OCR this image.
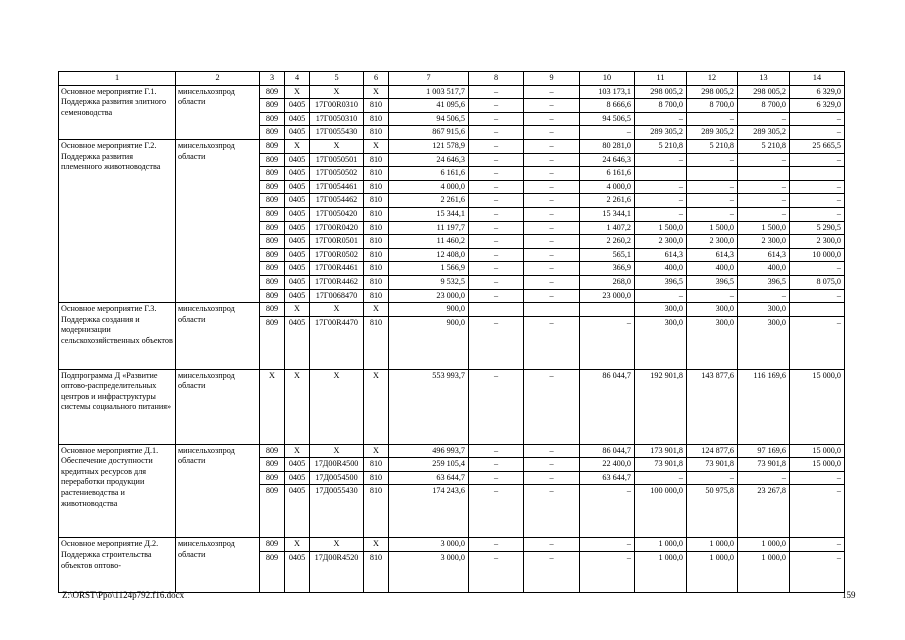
1	2	3	4	5	6	7	8	9	10	11	12	13	14
Основное мероприятие Г.1. Поддержка развития элитного семеноводства	минсельхозпрод области	809	Х	Х	Х	1 003 517,7	–	–	103 173,1	298 005,2	298 005,2	298 005,2	6 329,0
		809	0405	17Г00R0310	810	41 095,6	–	–	8 666,6	8 700,0	8 700,0	8 700,0	6 329,0
		809	0405	17Г0050310	810	94 506,5	–	–	94 506,5	–	–	–	–
		809	0405	17Г0055430	810	867 915,6	–	–	–	289 305,2	289 305,2	289 305,2	–
Основное мероприятие Г.2. Поддержка развития племенного животноводства	минсельхозпрод области	809	Х	Х	Х	121 578,9	–	–	80 281,0	5 210,8	5 210,8	5 210,8	25 665,5
		809	0405	17Г0050501	810	24 646,3	–	–	24 646,3	–	–	–	–
		809	0405	17Г0050502	810	6 161,6	–	–	6 161,6				
		809	0405	17Г0054461	810	4 000,0	–	–	4 000,0	–	–	–	–
		809	0405	17Г0054462	810	2 261,6	–	–	2 261,6	–	–	–	–
		809	0405	17Г0050420	810	15 344,1	–	–	15 344,1	–	–	–	–
		809	0405	17Г00R0420	810	11 197,7	–	–	1 407,2	1 500,0	1 500,0	1 500,0	5 290,5
		809	0405	17Г00R0501	810	11 460,2	–	–	2 260,2	2 300,0	2 300,0	2 300,0	2 300,0
		809	0405	17Г00R0502	810	12 408,0	–	–	565,1	614,3	614,3	614,3	10 000,0
		809	0405	17Г00R4461	810	1 566,9	–	–	366,9	400,0	400,0	400,0	–
		809	0405	17Г00R4462	810	9 532,5	–	–	268,0	396,5	396,5	396,5	8 075,0
		809	0405	17Г0068470	810	23 000,0	–	–	23 000,0	–	–	–	–
Основное мероприятие Г.3. Поддержка создания и модернизации сельскохозяйственных объектов	минсельхозпрод области	809	Х	Х	Х	900,0				300,0	300,0	300,0	
		809	0405	17Г00R4470	810	900,0	–	–	–	300,0	300,0	300,0	–
Подпрограмма Д «Развитие оптово-распределительных центров и инфраструктуры системы социального питания»	минсельхозпрод области	Х	Х	Х	Х	553 993,7	–	–	86 044,7	192 901,8	143 877,6	116 169,6	15 000,0
Основное мероприятие Д.1. Обеспечение доступности кредитных ресурсов для переработки продукции растениеводства и животноводства	минсельхозпрод области	809	Х	Х	Х	496 993,7	–	–	86 044,7	173 901,8	124 877,6	97 169,6	15 000,0
		809	0405	17Д00R4500	810	259 105,4	–	–	22 400,0	73 901,8	73 901,8	73 901,8	15 000,0
		809	0405	17Д0054500	810	63 644,7	–	–	63 644,7	–	–	–	–
		809	0405	17Д0055430	810	174 243,6	–	–	–	100 000,0	50 975,8	23 267,8	–
Основное мероприятие Д.2. Поддержка строительства объектов оптово-	минсельхозпрод области	809	Х	Х	Х	3 000,0	–	–	–	1 000,0	1 000,0	1 000,0	–
		809	0405	17Д00R4520	810	3 000,0	–	–	–	1 000,0	1 000,0	1 000,0	–
Z:\ORST\Ppo\1124p792.f16.docx	159
